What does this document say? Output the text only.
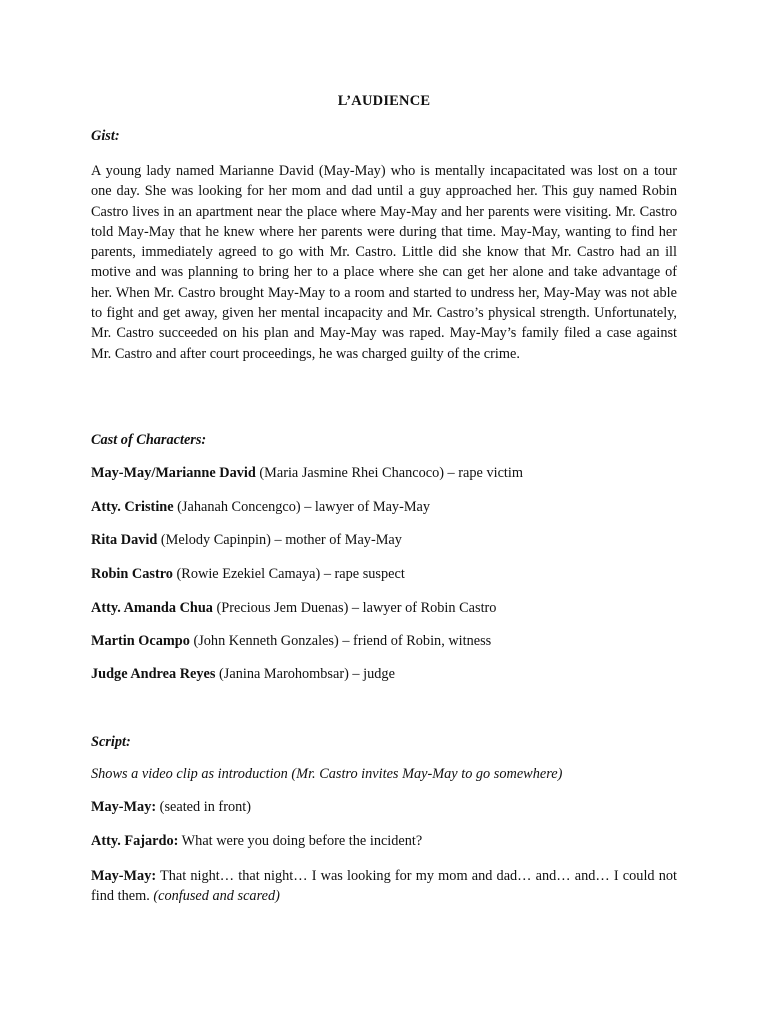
L’AUDIENCE
Gist:

A young lady named Marianne David (May-May) who is mentally incapacitated was lost on a tour one day. She was looking for her mom and dad until a guy approached her. This guy named Robin Castro lives in an apartment near the place where May-May and her parents were visiting. Mr. Castro told May-May that he knew where her parents were during that time. May-May, wanting to find her parents, immediately agreed to go with Mr. Castro. Little did she know that Mr. Castro had an ill motive and was planning to bring her to a place where she can get her alone and take advantage of her. When Mr. Castro brought May-May to a room and started to undress her, May-May was not able to fight and get away, given her mental incapacity and Mr. Castro’s physical strength. Unfortunately, Mr. Castro succeeded on his plan and May-May was raped. May-May’s family filed a case against Mr. Castro and after court proceedings, he was charged guilty of the crime.

Cast of Characters:
May-May/Marianne David (Maria Jasmine Rhei Chancoco) – rape victim
Atty. Cristine (Jahanah Concengco) – lawyer of May-May
Rita David (Melody Capinpin) – mother of May-May
Robin Castro (Rowie Ezekiel Camaya) – rape suspect
Atty. Amanda Chua (Precious Jem Duenas) – lawyer of Robin Castro
Martin Ocampo (John Kenneth Gonzales) – friend of Robin, witness
Judge Andrea Reyes (Janina Marohombsar) – judge
Script:
Shows a video clip as introduction (Mr. Castro invites May-May to go somewhere)
May-May: (seated in front)
Atty. Fajardo: What were you doing before the incident?
May-May: That night… that night… I was looking for my mom and dad… and… and… I could not find them. (confused and scared)
